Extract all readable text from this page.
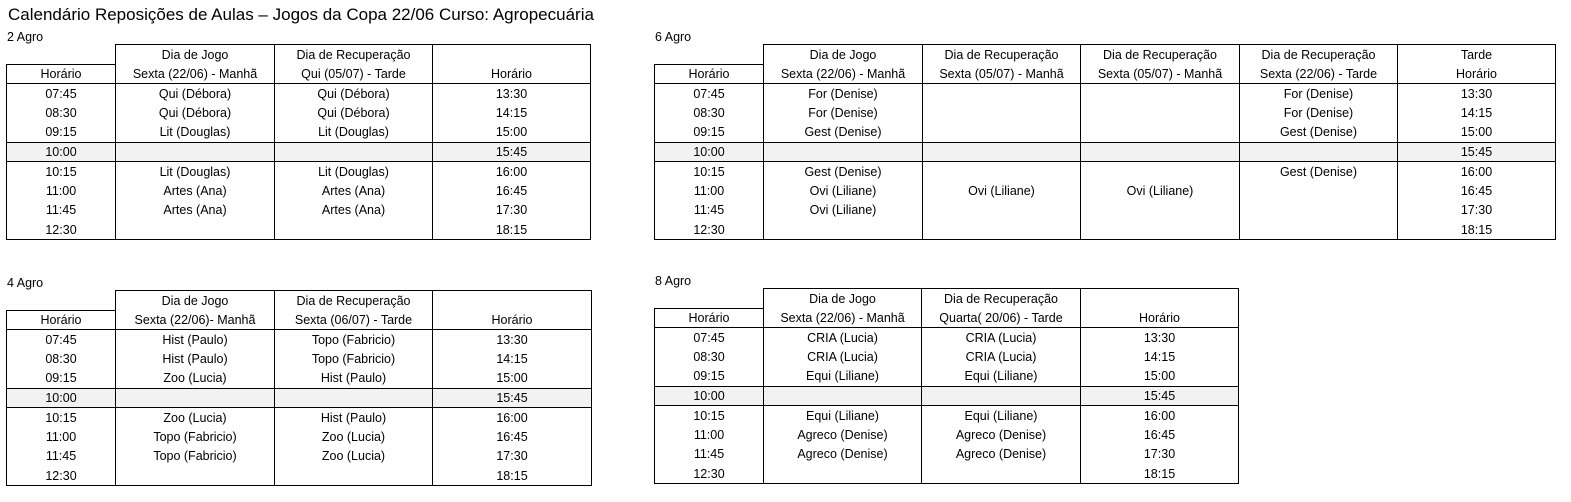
Calendário Reposições de Aulas – Jogos da Copa 22/06 Curso: Agropecuária
2 Agro
	Dia de Jogo	Dia de Recuperação	
Horário	Sexta (22/06) - Manhã	Qui (05/07) - Tarde	Horário
07:45	Qui (Débora)	Qui (Débora)	13:30
08:30	Qui (Débora)	Qui (Débora)	14:15
09:15	Lit (Douglas)	Lit (Douglas)	15:00
10:00			15:45
10:15	Lit (Douglas)	Lit (Douglas)	16:00
11:00	Artes (Ana)	Artes (Ana)	16:45
11:45	Artes (Ana)	Artes (Ana)	17:30
12:30			18:15
6 Agro
	Dia de Jogo	Dia de Recuperação	Dia de Recuperação	Dia de Recuperação	Tarde
Horário	Sexta (22/06) - Manhã	Sexta (05/07) - Manhã	Sexta (05/07) - Manhã	Sexta (22/06) - Tarde	Horário
07:45	For (Denise)			For (Denise)	13:30
08:30	For (Denise)			For (Denise)	14:15
09:15	Gest (Denise)			Gest (Denise)	15:00
10:00					15:45
10:15	Gest (Denise)			Gest (Denise)	16:00
11:00	Ovi (Liliane)	Ovi (Liliane)	Ovi (Liliane)		16:45
11:45	Ovi (Liliane)				17:30
12:30					18:15
4 Agro
	Dia de Jogo	Dia de Recuperação	
Horário	Sexta (22/06)- Manhã	Sexta (06/07) - Tarde	Horário
07:45	Hist (Paulo)	Topo (Fabricio)	13:30
08:30	Hist (Paulo)	Topo (Fabricio)	14:15
09:15	Zoo (Lucia)	Hist (Paulo)	15:00
10:00			15:45
10:15	Zoo (Lucia)	Hist (Paulo)	16:00
11:00	Topo (Fabricio)	Zoo (Lucia)	16:45
11:45	Topo (Fabricio)	Zoo (Lucia)	17:30
12:30			18:15
8 Agro
	Dia de Jogo	Dia de Recuperação	
Horário	Sexta (22/06) - Manhã	Quarta( 20/06) - Tarde	Horário
07:45	CRIA (Lucia)	CRIA (Lucia)	13:30
08:30	CRIA (Lucia)	CRIA (Lucia)	14:15
09:15	Equi (Liliane)	Equi (Liliane)	15:00
10:00			15:45
10:15	Equi (Liliane)	Equi (Liliane)	16:00
11:00	Agreco (Denise)	Agreco (Denise)	16:45
11:45	Agreco (Denise)	Agreco (Denise)	17:30
12:30			18:15
